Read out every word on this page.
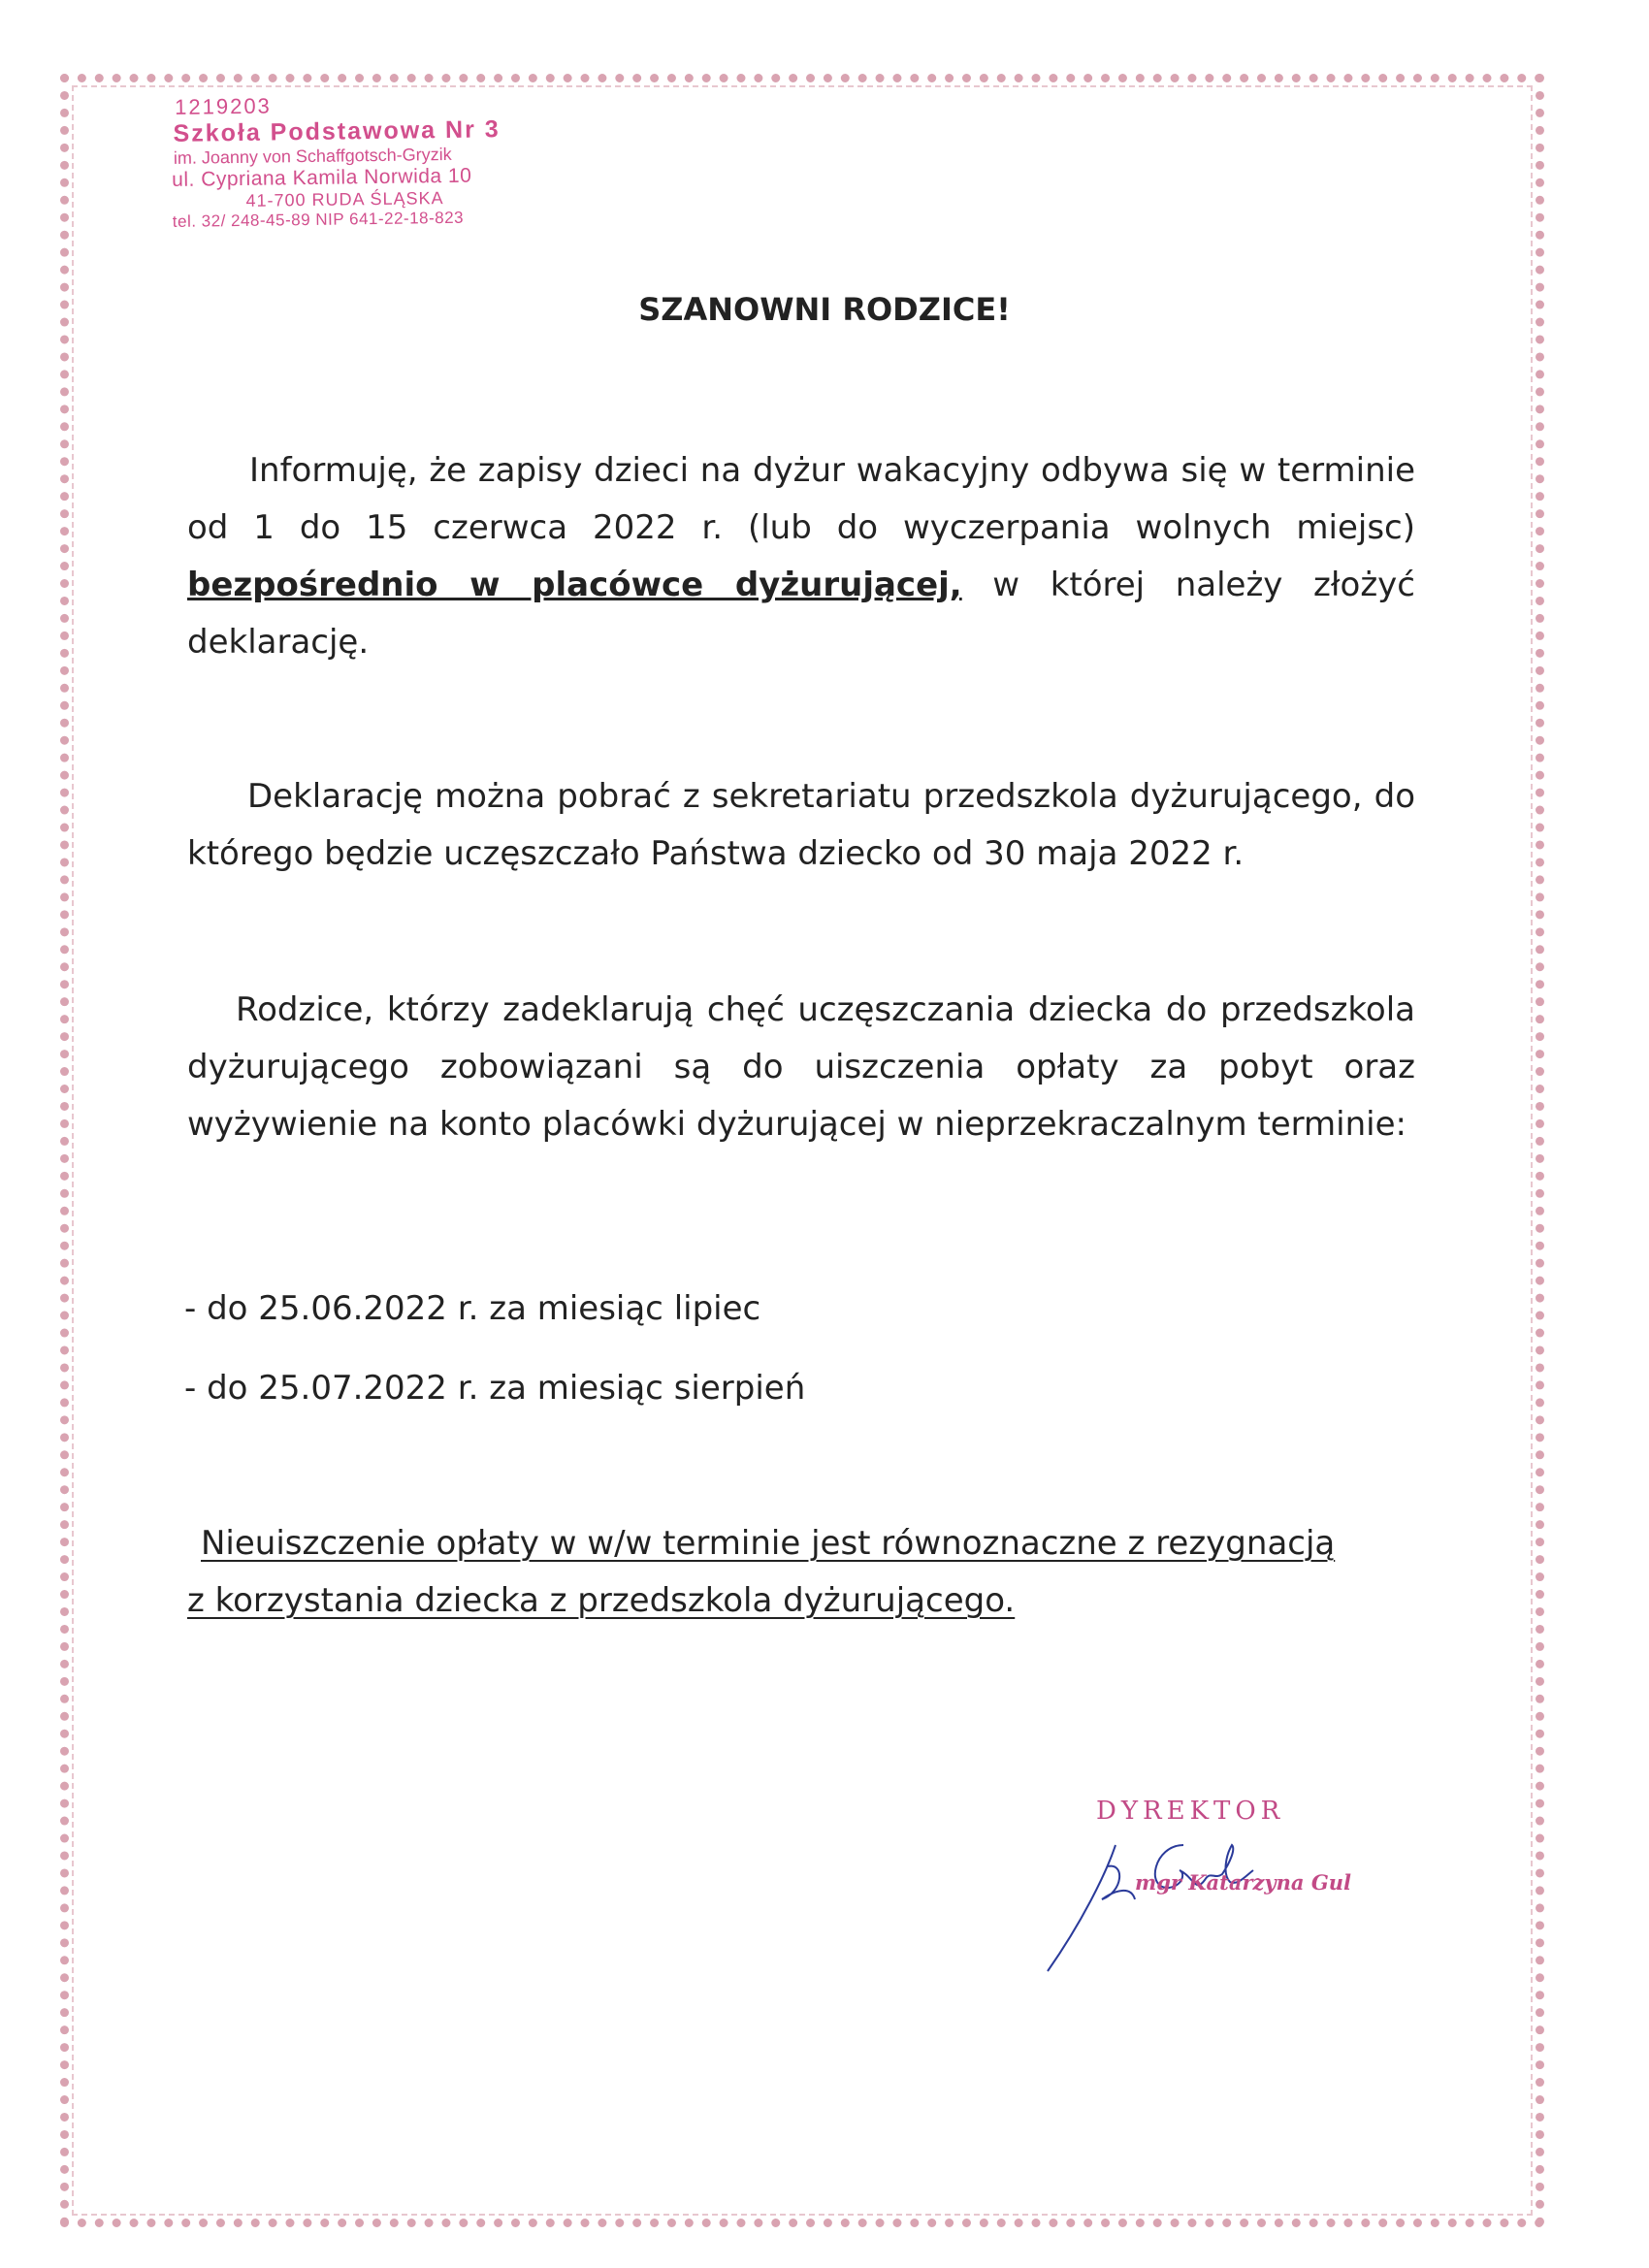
1219203
Szkoła Podstawowa Nr 3
im. Joanny von Schaffgotsch-Gryzik
ul. Cypriana Kamila Norwida 10
41-700 RUDA ŚLĄSKA
tel. 32/ 248-45-89 NIP 641-22-18-823
SZANOWNI RODZICE!
Informuję, że zapisy dzieci na dyżur wakacyjny odbywa się w terminie od 1 do 15 czerwca 2022 r. (lub do wyczerpania wolnych miejsc) bezpośrednio w placówce dyżurującej, w której należy złożyć deklarację.
Deklarację można pobrać z sekretariatu przedszkola dyżurującego, do którego będzie uczęszczało Państwa dziecko od 30 maja 2022 r.
Rodzice, którzy zadeklarują chęć uczęszczania dziecka do przedszkola dyżurującego zobowiązani są do uiszczenia opłaty za pobyt oraz wyżywienie na konto placówki dyżurującej w nieprzekraczalnym terminie:
- do 25.06.2022 r. za miesiąc lipiec
- do 25.07.2022 r. za miesiąc sierpień
Nieuiszczenie opłaty w w/w terminie jest równoznaczne z rezygnacją
z korzystania dziecka z przedszkola dyżurującego.
DYREKTOR
mgr Katarzyna Gul
